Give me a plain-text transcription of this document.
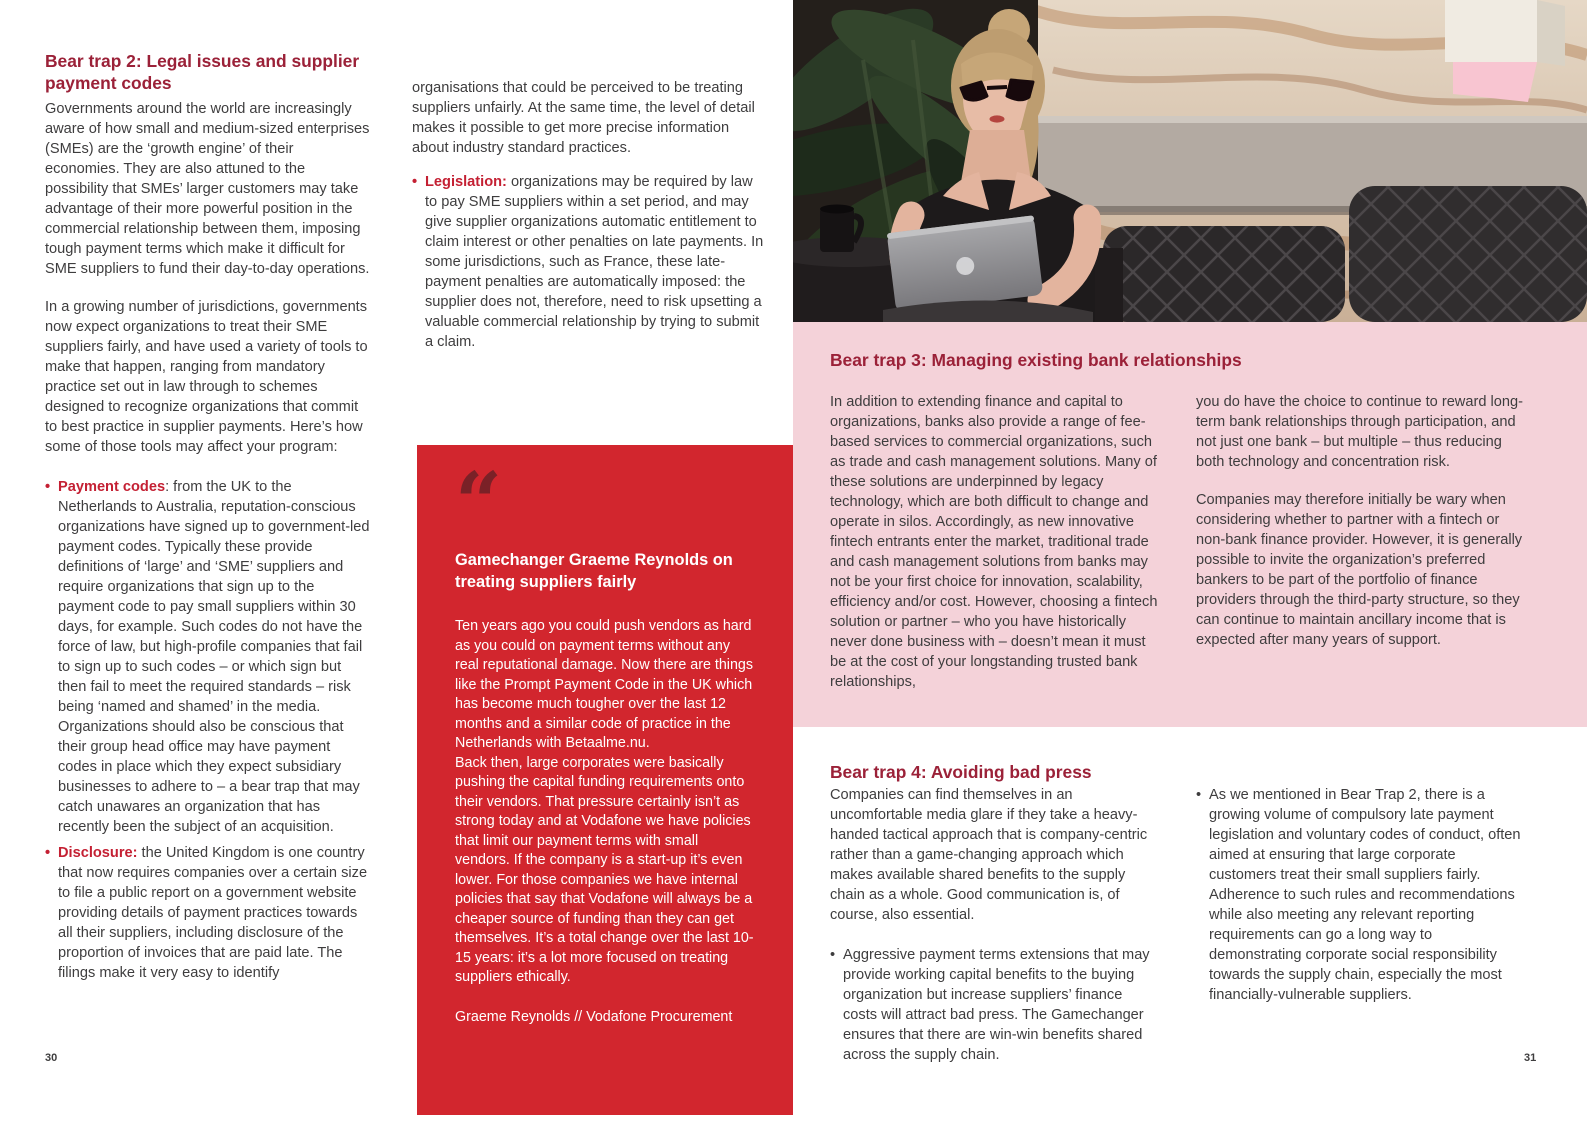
Bear trap 2: Legal issues and supplier payment codes

Governments around the world are increasingly aware of how small and medium-sized enterprises (SMEs) are the ‘growth engine’ of their economies. They are also attuned to the possibility that SMEs’ larger customers may take advantage of their more powerful position in the commercial relationship between them, imposing tough payment terms which make it difficult for SME suppliers to fund their day-to-day operations.

In a growing number of jurisdictions, governments now expect organizations to treat their SME suppliers fairly, and have used a variety of tools to make that happen, ranging from mandatory practice set out in law through to schemes designed to recognize organizations that commit to best practice in supplier payments. Here’s how some of those tools may affect your program:

• Payment codes: from the UK to the Netherlands to Australia, reputation-conscious organizations have signed up to government-led payment codes. Typically these provide definitions of ‘large’ and ‘SME’ suppliers and require organizations that sign up to the payment code to pay small suppliers within 30 days, for example. Such codes do not have the force of law, but high-profile companies that fail to sign up to such codes – or which sign but then fail to meet the required standards – risk being ‘named and shamed’ in the media. Organizations should also be conscious that their group head office may have payment codes in place which they expect subsidiary businesses to adhere to – a bear trap that may catch unawares an organization that has recently been the subject of an acquisition.
• Disclosure: the United Kingdom is one country that now requires companies over a certain size to file a public report on a government website providing details of payment practices towards all their suppliers, including disclosure of the proportion of invoices that are paid late. The filings make it very easy to identify

organisations that could be perceived to be treating suppliers unfairly. At the same time, the level of detail makes it possible to get more precise information about industry standard practices.

• Legislation: organizations may be required by law to pay SME suppliers within a set period, and may give supplier organizations automatic entitlement to claim interest or other penalties on late payments. In some jurisdictions, such as France, these late-payment penalties are automatically imposed: the supplier does not, therefore, need to risk upsetting a valuable commercial relationship by trying to submit a claim.
“
Gamechanger Graeme Reynolds on treating suppliers fairly

Ten years ago you could push vendors as hard as you could on payment terms without any real reputational damage. Now there are things like the Prompt Payment Code in the UK which has become much tougher over the last 12 months and a similar code of practice in the Netherlands with Betaalme.nu.

Back then, large corporates were basically pushing the capital funding requirements onto their vendors. That pressure certainly isn’t as strong today and at Vodafone we have policies that limit our payment terms with small vendors. If the company is a start-up it’s even lower. For those companies we have internal policies that say that Vodafone will always be a cheaper source of funding than they can get themselves. It’s a total change over the last 10-15 years: it’s a lot more focused on treating suppliers ethically.

Graeme Reynolds // Vodafone Procurement
30
Bear trap 3: Managing existing bank relationships

In addition to extending finance and capital to organizations, banks also provide a range of fee-based services to commercial organizations, such as trade and cash management solutions. Many of these solutions are underpinned by legacy technology, which are both difficult to change and operate in silos. Accordingly, as new innovative fintech entrants enter the market, traditional trade and cash management solutions from banks may not be your first choice for innovation, scalability, efficiency and/or cost. However, choosing a fintech solution or partner – who you have historically never done business with – doesn’t mean it must be at the cost of your longstanding trusted bank relationships,

you do have the choice to continue to reward long-term bank relationships through participation, and not just one bank – but multiple – thus reducing both technology and concentration risk.

Companies may therefore initially be wary when considering whether to partner with a fintech or non-bank finance provider. However, it is generally possible to invite the organization’s preferred bankers to be part of the portfolio of finance providers through the third-party structure, so they can continue to maintain ancillary income that is expected after many years of support.

Bear trap 4: Avoiding bad press

Companies can find themselves in an uncomfortable media glare if they take a heavy-handed tactical approach that is company-centric rather than a game-changing approach which makes available shared benefits to the supply chain as a whole. Good communication is, of course, also essential.

• Aggressive payment terms extensions that may provide working capital benefits to the buying organization but increase suppliers’ finance costs will attract bad press. The Gamechanger ensures that there are win-win benefits shared across the supply chain.
• As we mentioned in Bear Trap 2, there is a growing volume of compulsory late payment legislation and voluntary codes of conduct, often aimed at ensuring that large corporate customers treat their small suppliers fairly. Adherence to such rules and recommendations while also meeting any relevant reporting requirements can go a long way to demonstrating corporate social responsibility towards the supply chain, especially the most financially-vulnerable suppliers.
31
